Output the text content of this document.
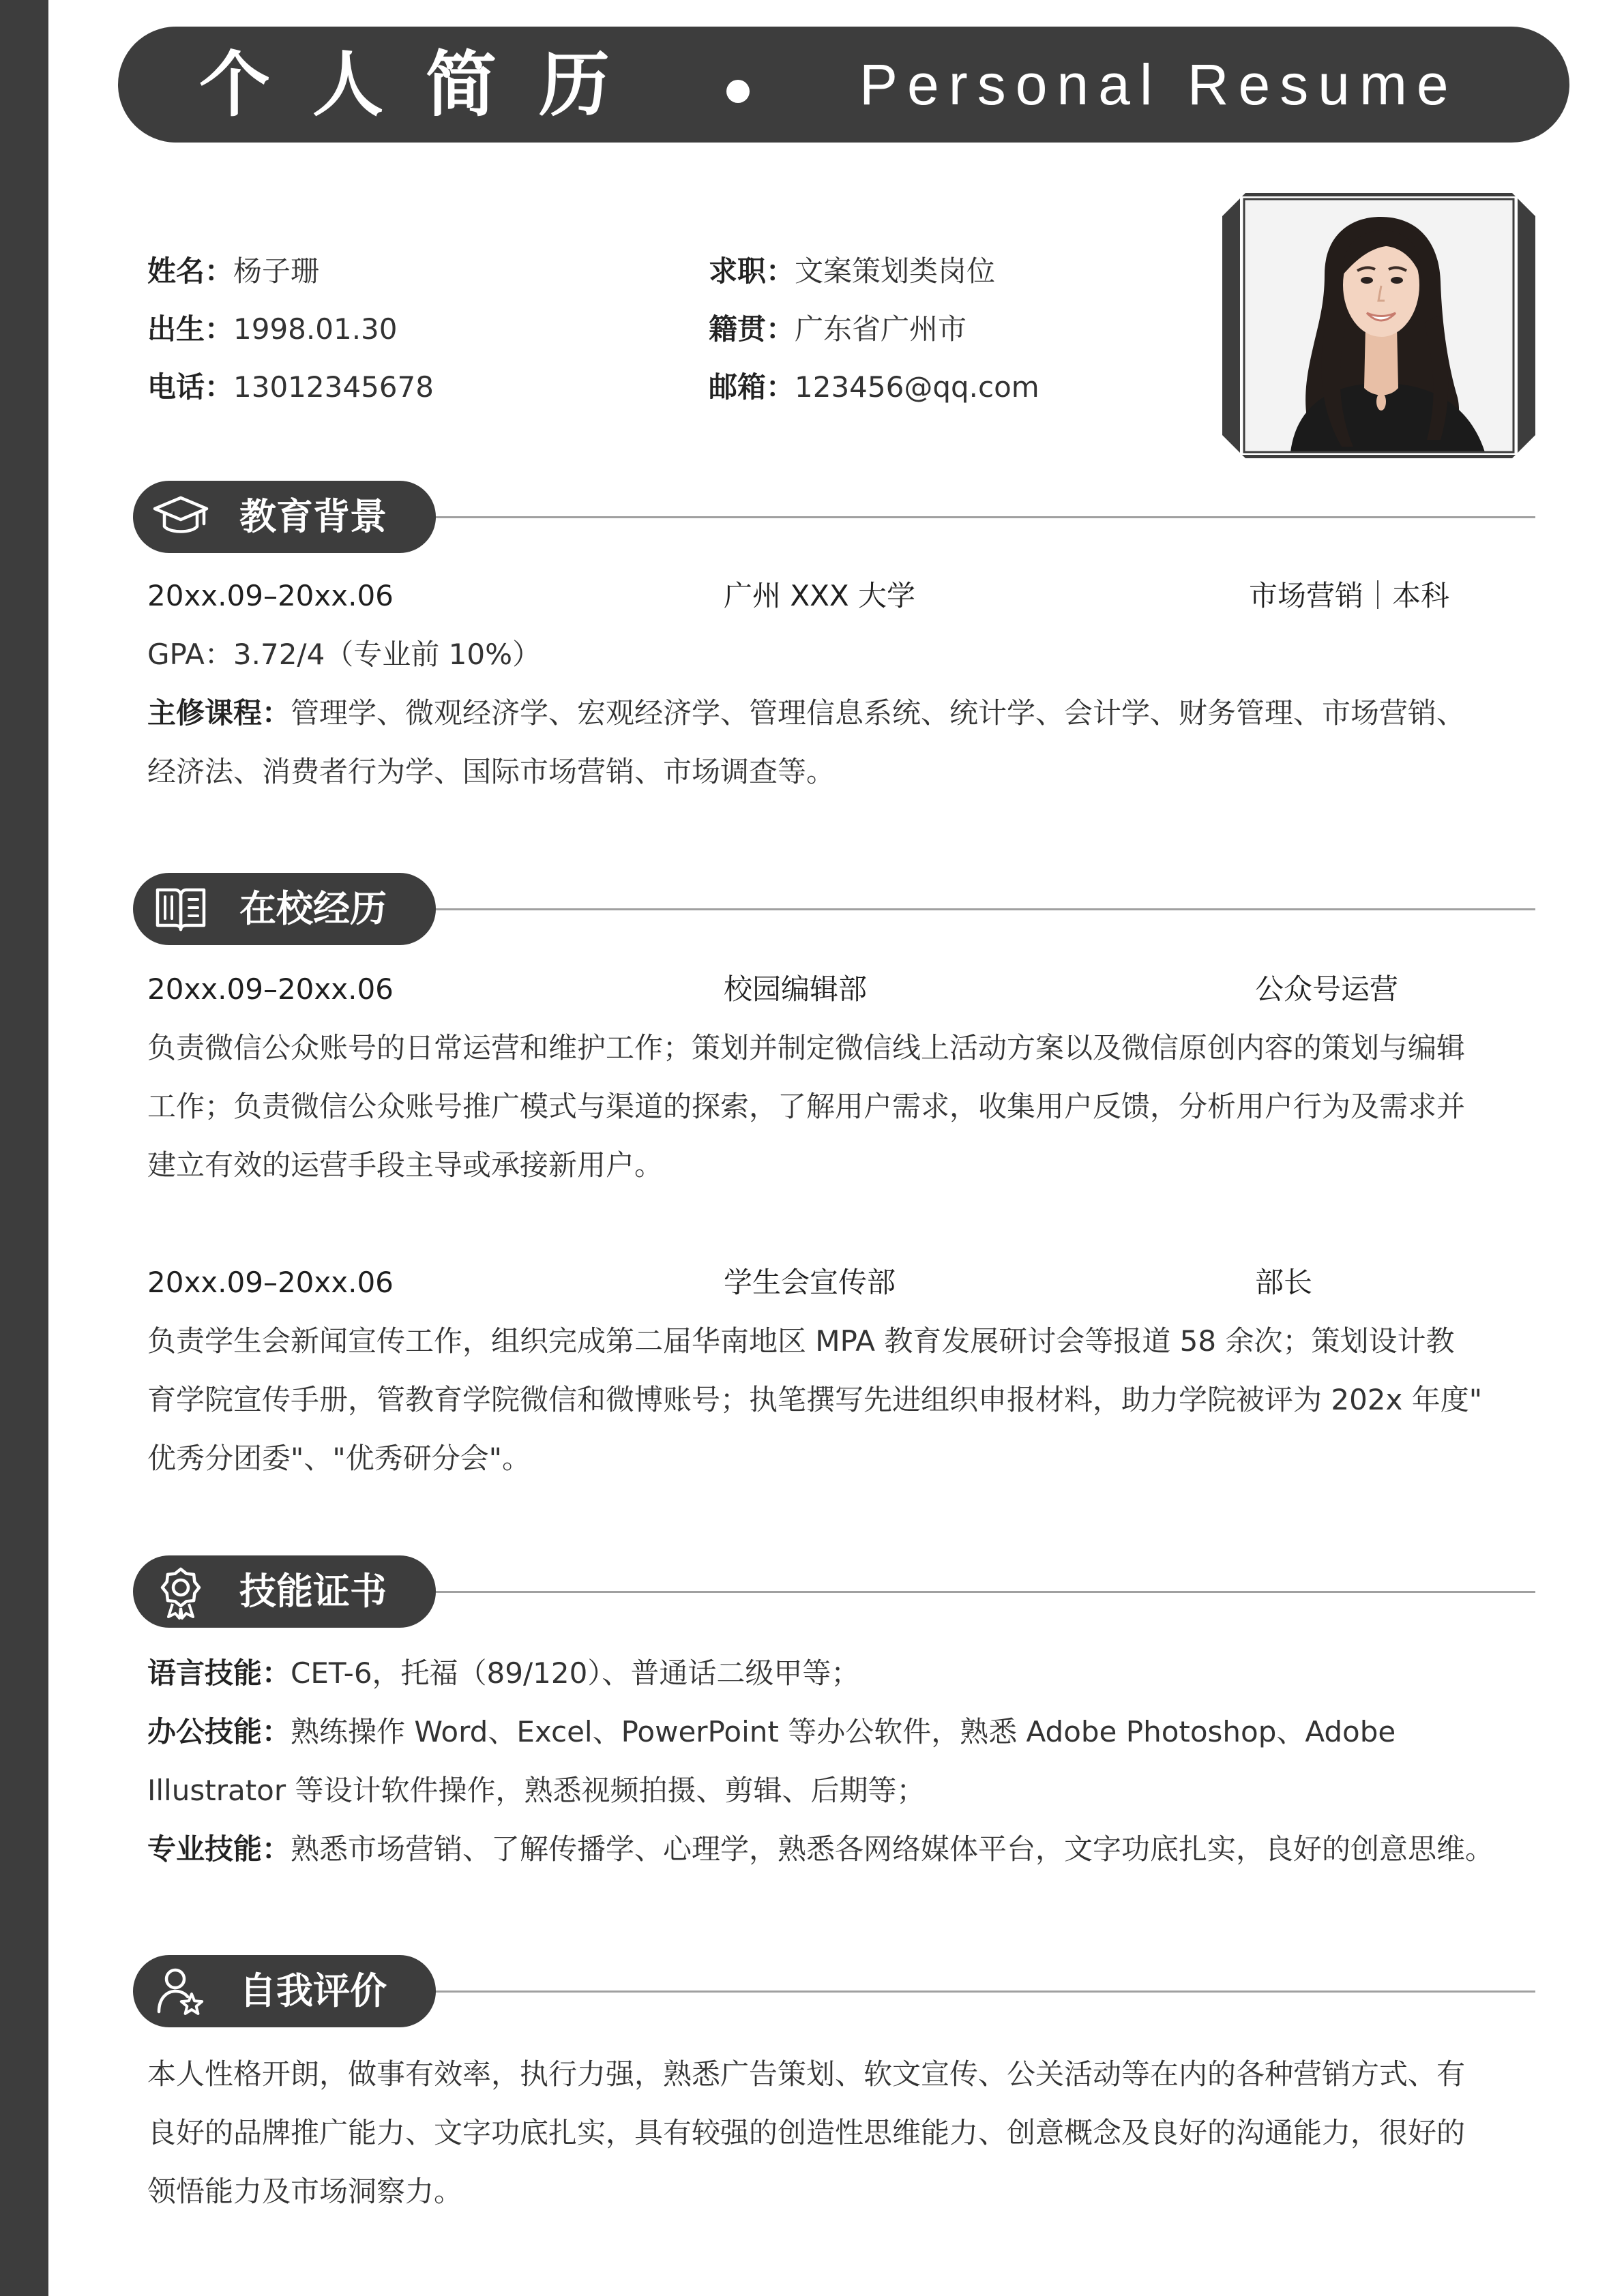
个人简历	Personal Resume
姓名：杨子珊
出生：1998.01.30
电话：13012345678
求职：文案策划类岗位
籍贯：广东省广州市
邮箱：123456@qq.com
教育背景
20xx.09–20xx.06	广州 XXX 大学	市场营销｜本科
GPA：3.72/4（专业前 10%）
主修课程：管理学、微观经济学、宏观经济学、管理信息系统、统计学、会计学、财务管理、市场营销、
经济法、消费者行为学、国际市场营销、市场调查等。
在校经历
20xx.09–20xx.06	校园编辑部	公众号运营
负责微信公众账号的日常运营和维护工作；策划并制定微信线上活动方案以及微信原创内容的策划与编辑
工作；负责微信公众账号推广模式与渠道的探索，了解用户需求，收集用户反馈，分析用户行为及需求并
建立有效的运营手段主导或承接新用户。
20xx.09–20xx.06	学生会宣传部	部长
负责学生会新闻宣传工作，组织完成第二届华南地区 MPA 教育发展研讨会等报道 58 余次；策划设计教
育学院宣传手册，管教育学院微信和微博账号；执笔撰写先进组织申报材料，助力学院被评为 202x 年度"
优秀分团委"、"优秀研分会"。
技能证书
语言技能：CET-6，托福（89/120）、普通话二级甲等；
办公技能：熟练操作 Word、Excel、PowerPoint 等办公软件，熟悉 Adobe Photoshop、Adobe
Illustrator 等设计软件操作，熟悉视频拍摄、剪辑、后期等；
专业技能：熟悉市场营销、了解传播学、心理学，熟悉各网络媒体平台，文字功底扎实，良好的创意思维。
自我评价
本人性格开朗，做事有效率，执行力强，熟悉广告策划、软文宣传、公关活动等在内的各种营销方式、有
良好的品牌推广能力、文字功底扎实，具有较强的创造性思维能力、创意概念及良好的沟通能力，很好的
领悟能力及市场洞察力。
